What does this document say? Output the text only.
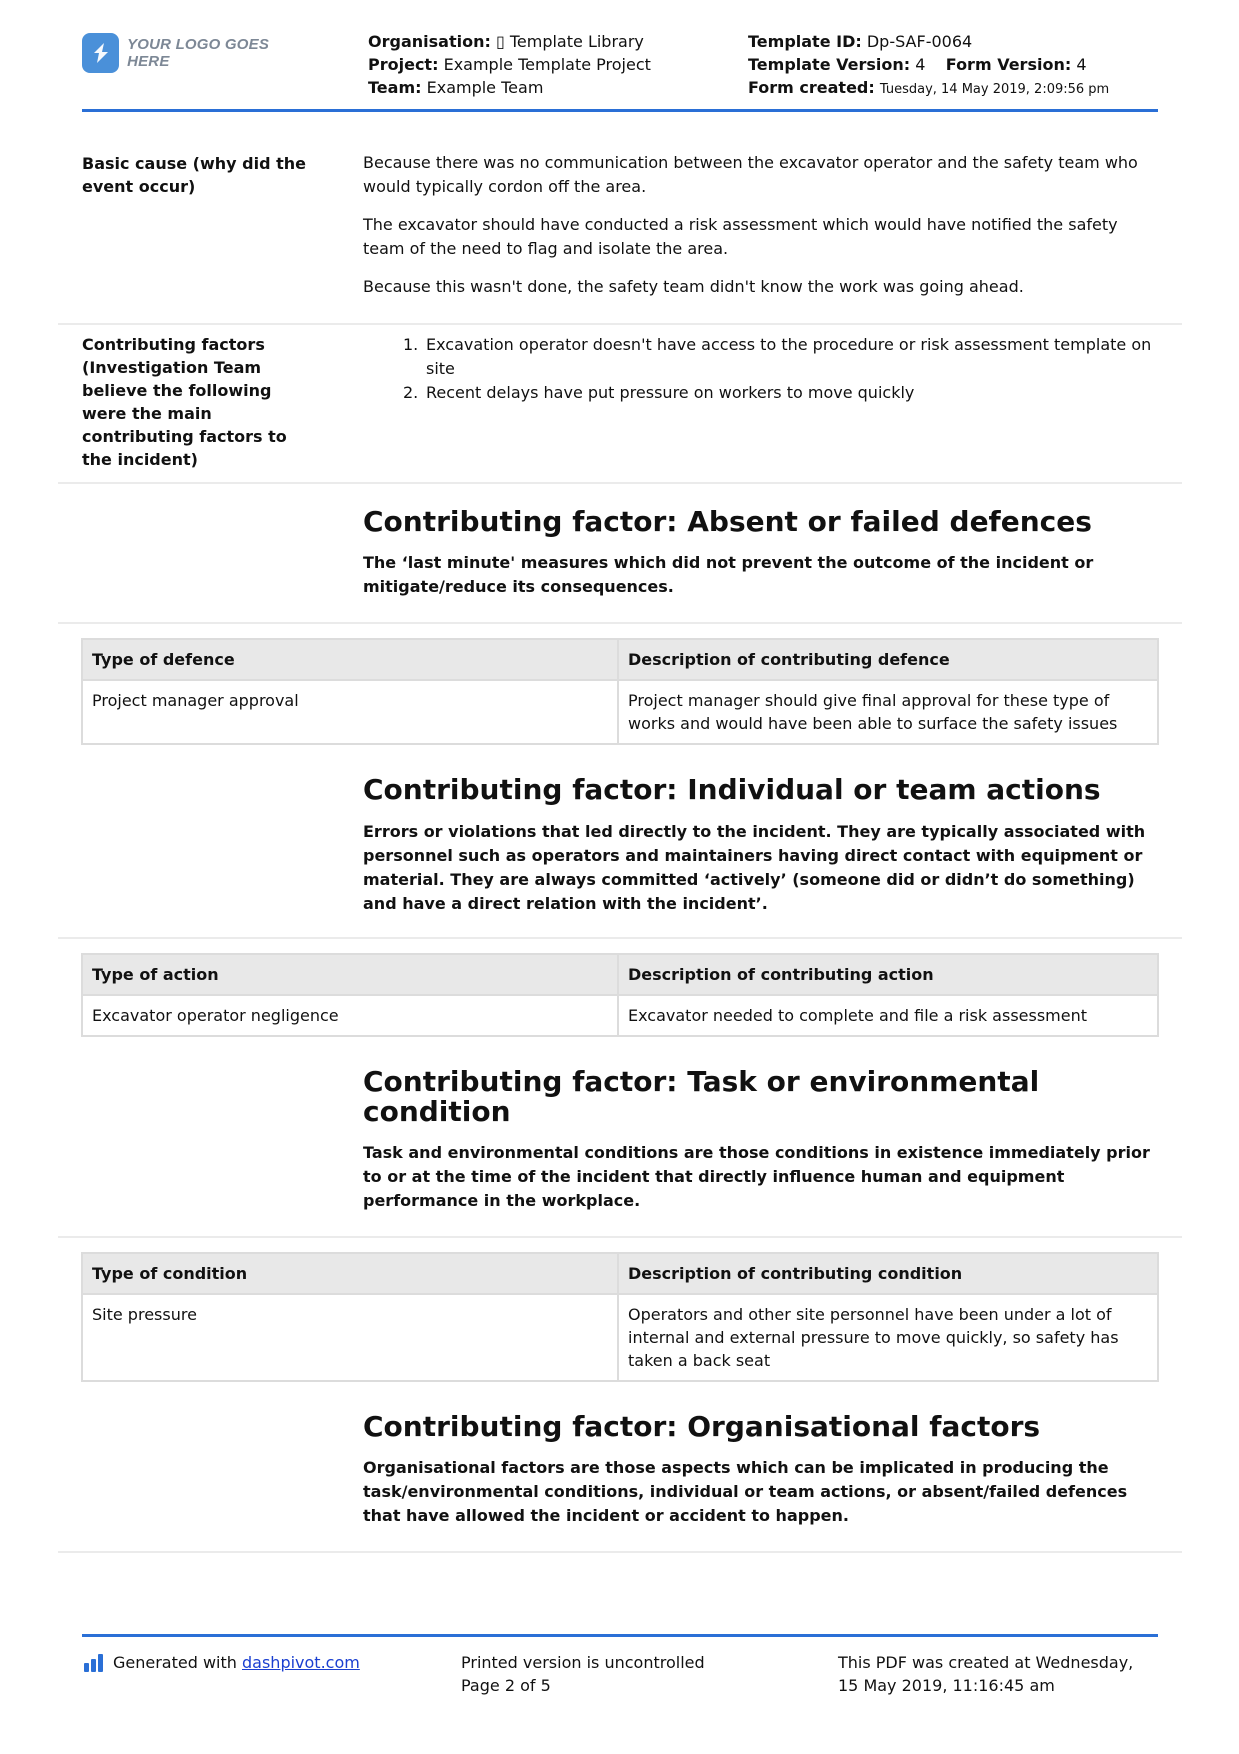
YOUR LOGO GOES HERE
Organisation: ▯ Template Library
Project: Example Template Project
Team: Example Team
Template ID: Dp-SAF-0064
Template Version: 4 Form Version: 4
Form created: Tuesday, 14 May 2019, 2:09:56 pm
Basic cause (why did the event occur)

Because there was no communication between the excavator operator and the safety team who would typically cordon off the area.

The excavator should have conducted a risk assessment which would have notified the safety team of the need to flag and isolate the area.

Because this wasn't done, the safety team didn't know the work was going ahead.

Contributing factors (Investigation Team believe the following were the main contributing factors to the incident)
1. Excavation operator doesn't have access to the procedure or risk assessment template on site
2. Recent delays have put pressure on workers to move quickly
Contributing factor: Absent or failed defences
The ‘last minute' measures which did not prevent the outcome of the incident or mitigate/reduce its consequences.
Type of defence	Description of contributing defence
Project manager approval	Project manager should give final approval for these type of works and would have been able to surface the safety issues
Contributing factor: Individual or team actions
Errors or violations that led directly to the incident. They are typically associated with personnel such as operators and maintainers having direct contact with equipment or material. They are always committed ‘actively’ (someone did or didn’t do something) and have a direct relation with the incident’.
Type of action	Description of contributing action
Excavator operator negligence	Excavator needed to complete and file a risk assessment
Contributing factor: Task or environmental condition
Task and environmental conditions are those conditions in existence immediately prior to or at the time of the incident that directly influence human and equipment performance in the workplace.
Type of condition	Description of contributing condition
Site pressure	Operators and other site personnel have been under a lot of internal and external pressure to move quickly, so safety has taken a back seat
Contributing factor: Organisational factors
Organisational factors are those aspects which can be implicated in producing the task/environmental conditions, individual or team actions, or absent/failed defences that have allowed the incident or accident to happen.
Generated with dashpivot.com	Printed version is uncontrolled
Page 2 of 5
This PDF was created at Wednesday, 15 May 2019, 11:16:45 am
